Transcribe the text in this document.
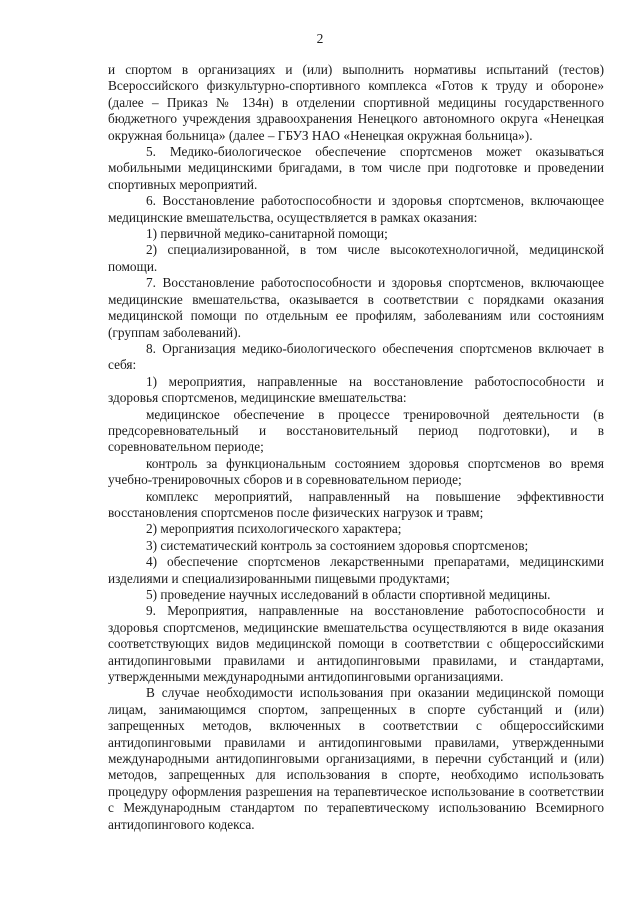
2

и спортом в организациях и (или) выполнить нормативы испытаний (тестов) Всероссийского физкультурно-спортивного комплекса «Готов к труду и обороне» (далее – Приказ № 134н) в отделении спортивной медицины государственного бюджетного учреждения здравоохранения Ненецкого автономного округа «Ненецкая окружная больница» (далее – ГБУЗ НАО «Ненецкая окружная больница»).

5. Медико-биологическое обеспечение спортсменов может оказываться мобильными медицинскими бригадами, в том числе при подготовке и проведении спортивных мероприятий.

6. Восстановление работоспособности и здоровья спортсменов, включающее медицинские вмешательства, осуществляется в рамках оказания:

1) первичной медико-санитарной помощи;

2) специализированной, в том числе высокотехнологичной, медицинской помощи.

7. Восстановление работоспособности и здоровья спортсменов, включающее медицинские вмешательства, оказывается в соответствии с порядками оказания медицинской помощи по отдельным ее профилям, заболеваниям или состояниям (группам заболеваний).

8. Организация медико-биологического обеспечения спортсменов включает в себя:

1) мероприятия, направленные на восстановление работоспособности и здоровья спортсменов, медицинские вмешательства:

медицинское обеспечение в процессе тренировочной деятельности (в предсоревновательный и восстановительный период подготовки), и в соревновательном периоде;

контроль за функциональным состоянием здоровья спортсменов во время учебно-тренировочных сборов и в соревновательном периоде;

комплекс мероприятий, направленный на повышение эффективности восстановления спортсменов после физических нагрузок и травм;

2) мероприятия психологического характера;

3) систематический контроль за состоянием здоровья спортсменов;

4) обеспечение спортсменов лекарственными препаратами, медицинскими изделиями и специализированными пищевыми продуктами;

5) проведение научных исследований в области спортивной медицины.

9. Мероприятия, направленные на восстановление работоспособности и здоровья спортсменов, медицинские вмешательства осуществляются в виде оказания соответствующих видов медицинской помощи в соответствии с общероссийскими антидопинговыми правилами и антидопинговыми правилами, и стандартами, утвержденными международными антидопинговыми организациями.

В случае необходимости использования при оказании медицинской помощи лицам, занимающимся спортом, запрещенных в спорте субстанций и (или) запрещенных методов, включенных в соответствии с общероссийскими антидопинговыми правилами и антидопинговыми правилами, утвержденными международными антидопинговыми организациями, в перечни субстанций и (или) методов, запрещенных для использования в спорте, необходимо использовать процедуру оформления разрешения на терапевтическое использование в соответствии с Международным стандартом по терапевтическому использованию Всемирного антидопингового кодекса.
